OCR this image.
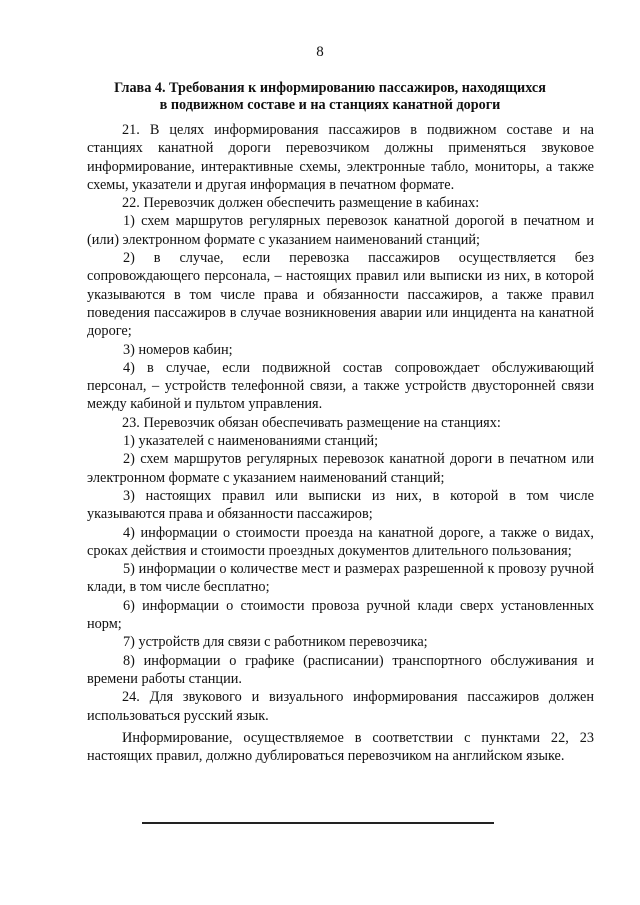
8
Глава 4. Требования к информированию пассажиров, находящихся
в подвижном составе и на станциях канатной дороги

21. В целях информирования пассажиров в подвижном составе и на станциях канатной дороги перевозчиком должны применяться звуковое информирование, интерактивные схемы, электронные табло, мониторы, а также схемы, указатели и другая информация в печатном формате.

22. Перевозчик должен обеспечить размещение в кабинах:

1) схем маршрутов регулярных перевозок канатной дорогой в печатном и (или) электронном формате с указанием наименований станций;

2) в случае, если перевозка пассажиров осуществляется без сопровождающего персонала, – настоящих правил или выписки из них, в которой указываются в том числе права и обязанности пассажиров, а также правил поведения пассажиров в случае возникновения аварии или инцидента на канатной дороге;

3) номеров кабин;

4) в случае, если подвижной состав сопровождает обслуживающий персонал, – устройств телефонной связи, а также устройств двусторонней связи между кабиной и пультом управления.

23. Перевозчик обязан обеспечивать размещение на станциях:

1) указателей с наименованиями станций;

2) схем маршрутов регулярных перевозок канатной дороги в печатном или электронном формате с указанием наименований станций;

3) настоящих правил или выписки из них, в которой в том числе указываются права и обязанности пассажиров;

4) информации о стоимости проезда на канатной дороге, а также о видах, сроках действия и стоимости проездных документов длительного пользования;

5) информации о количестве мест и размерах разрешенной к провозу ручной клади, в том числе бесплатно;

6) информации о стоимости провоза ручной клади сверх установленных норм;

7) устройств для связи с работником перевозчика;

8) информации о графике (расписании) транспортного обслуживания и времени работы станции.

24. Для звукового и визуального информирования пассажиров должен использоваться русский язык.

Информирование, осуществляемое в соответствии с пунктами 22, 23 настоящих правил, должно дублироваться перевозчиком на английском языке.
